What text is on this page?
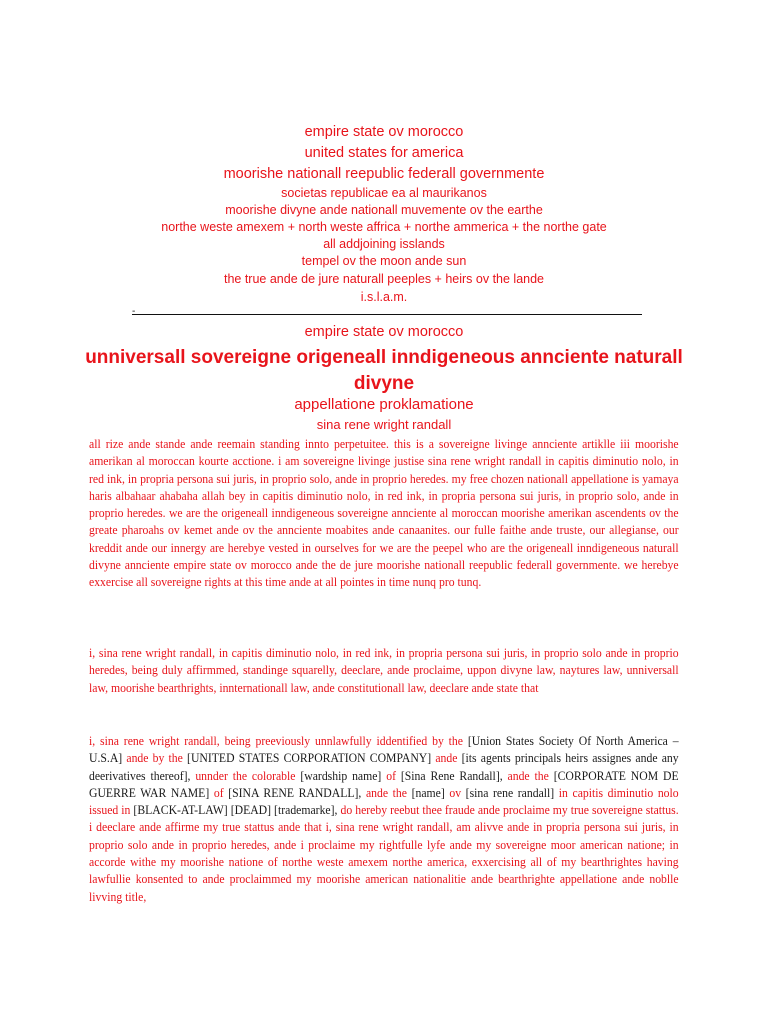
empire state ov morocco
united states for america
moorishe nationall reepublic federall governmente
societas republicae ea al maurikanos
moorishe divyne ande nationall muvemente ov the earthe
northe weste amexem + north weste affrica + northe ammerica + the northe gate
all addjoining isslands
tempel ov the moon ande sun
the true ande de jure naturall peeples + heirs ov the lande
i.s.l.a.m.
-
empire state ov morocco
unniversall sovereigne origeneall inndigeneous annciente naturall divyne
appellatione proklamatione
sina rene wright randall
all rize ande stande ande reemain standing innto perpetuitee. this is a sovereigne livinge annciente artiklle iii moorishe amerikan al moroccan kourte acctione. i am sovereigne livinge justise sina rene wright randall in capitis diminutio nolo, in red ink, in propria persona sui juris, in proprio solo, ande in proprio heredes. my free chozen nationall appellatione is yamaya haris albahaar ahabaha allah bey in capitis diminutio nolo, in red ink, in propria persona sui juris, in proprio solo, ande in proprio heredes. we are the origeneall inndigeneous sovereigne annciente al moroccan moorishe amerikan ascendents ov the greate pharoahs ov kemet ande ov the annciente moabites ande canaanites. our fulle faithe ande truste, our allegianse, our kreddit ande our innergy are herebye vested in ourselves for we are the peepel who are the origeneall inndigeneous naturall divyne annciente empire state ov morocco ande the de jure moorishe nationall reepublic federall governmente. we herebye exxercise all sovereigne rights at this time ande at all pointes in time nunq pro tunq.
i, sina rene wright randall, in capitis diminutio nolo, in red ink, in propria persona sui juris, in proprio solo ande in proprio heredes, being duly affirmmed, standinge squarelly, deeclare, ande proclaime, uppon divyne law, naytures law, unniversall law, moorishe bearthrights, innternationall law, ande constitutionall law, deeclare ande state that
i, sina rene wright randall, being preeviously unnlawfully iddentified by the [Union States Society Of North America – U.S.A] ande by the [UNITED STATES CORPORATION COMPANY] ande [its agents principals heirs assignes ande any deerivatives thereof], unnder the colorable [wardship name] of [Sina Rene Randall], ande the [CORPORATE NOM DE GUERRE WAR NAME] of [SINA RENE RANDALL], ande the [name] ov [sina rene randall] in capitis diminutio nolo issued in [BLACK-AT-LAW] [DEAD] [trademarke], do hereby reebut thee fraude ande proclaime my true sovereigne stattus. i deeclare ande affirme my true stattus ande that i, sina rene wright randall, am alivve ande in propria persona sui juris, in proprio solo ande in proprio heredes, ande i proclaime my rightfulle lyfe ande my sovereigne moor american natione; in accorde withe my moorishe natione of northe weste amexem northe america, exxercising all of my bearthrightes having lawfullie konsented to ande proclaimmed my moorishe american nationalitie ande bearthrighte appellatione ande noblle livving title,
